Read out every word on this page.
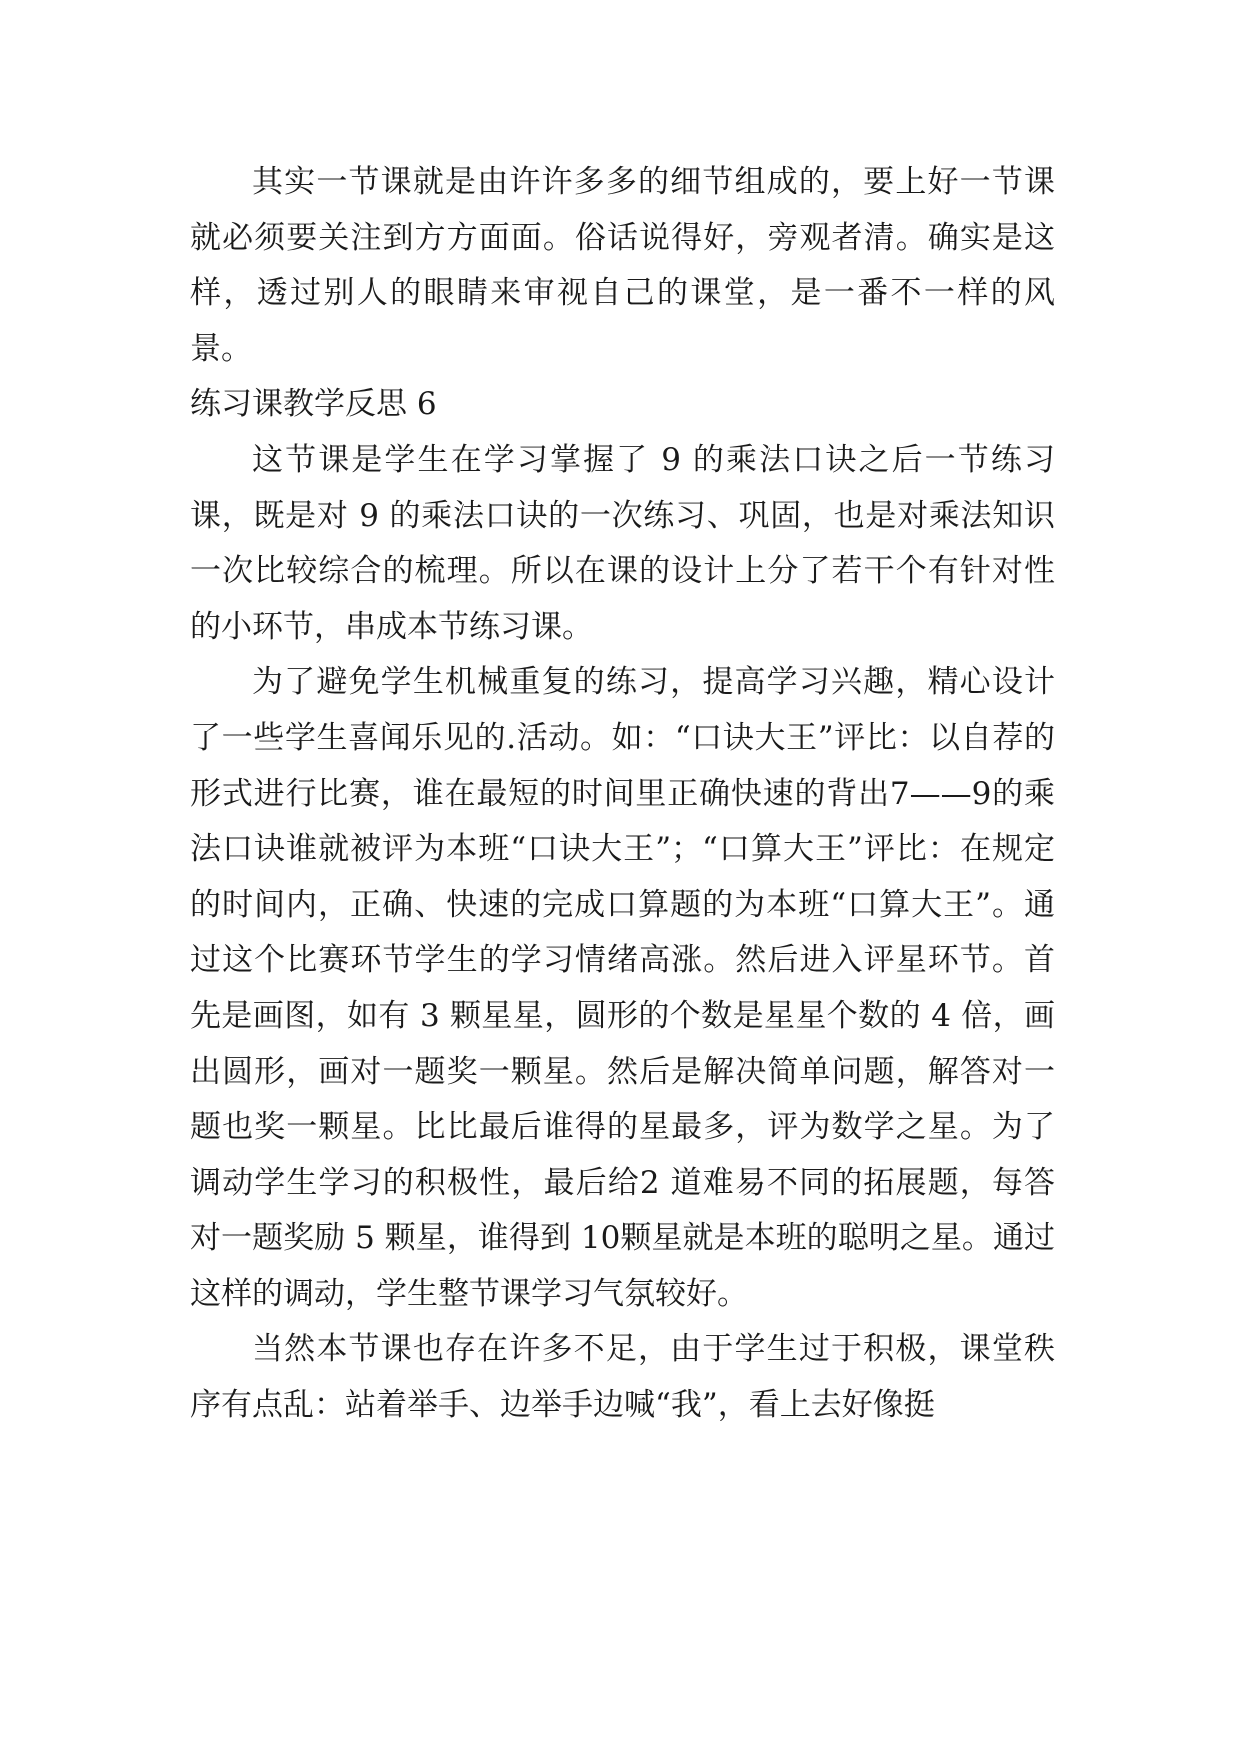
其实一节课就是由许许多多的细节组成的，要上好一节课就必须要关注到方方面面。俗话说得好，旁观者清。确实是这样，透过别人的眼睛来审视自己的课堂，是一番不一样的风景。

练习课教学反思 6

这节课是学生在学习掌握了 9 的乘法口诀之后一节练习课，既是对 9 的乘法口诀的一次练习、巩固，也是对乘法知识一次比较综合的梳理。所以在课的设计上分了若干个有针对性的小环节，串成本节练习课。

为了避免学生机械重复的练习，提高学习兴趣，精心设计了一些学生喜闻乐见的.活动。如：“口诀大王”评比：以自荐的形式进行比赛，谁在最短的时间里正确快速的背出7——9的乘法口诀谁就被评为本班“口诀大王”；“口算大王”评比：在规定的时间内，正确、快速的完成口算题的为本班“口算大王”。通过这个比赛环节学生的学习情绪高涨。然后进入评星环节。首先是画图，如有 3 颗星星，圆形的个数是星星个数的 4 倍，画出圆形，画对一题奖一颗星。然后是解决简单问题，解答对一题也奖一颗星。比比最后谁得的星最多，评为数学之星。为了调动学生学习的积极性，最后给2 道难易不同的拓展题，每答对一题奖励 5 颗星，谁得到 10颗星就是本班的聪明之星。通过这样的调动，学生整节课学习气氛较好。

当然本节课也存在许多不足，由于学生过于积极，课堂秩序有点乱：站着举手、边举手边喊“我”，看上去好像挺
